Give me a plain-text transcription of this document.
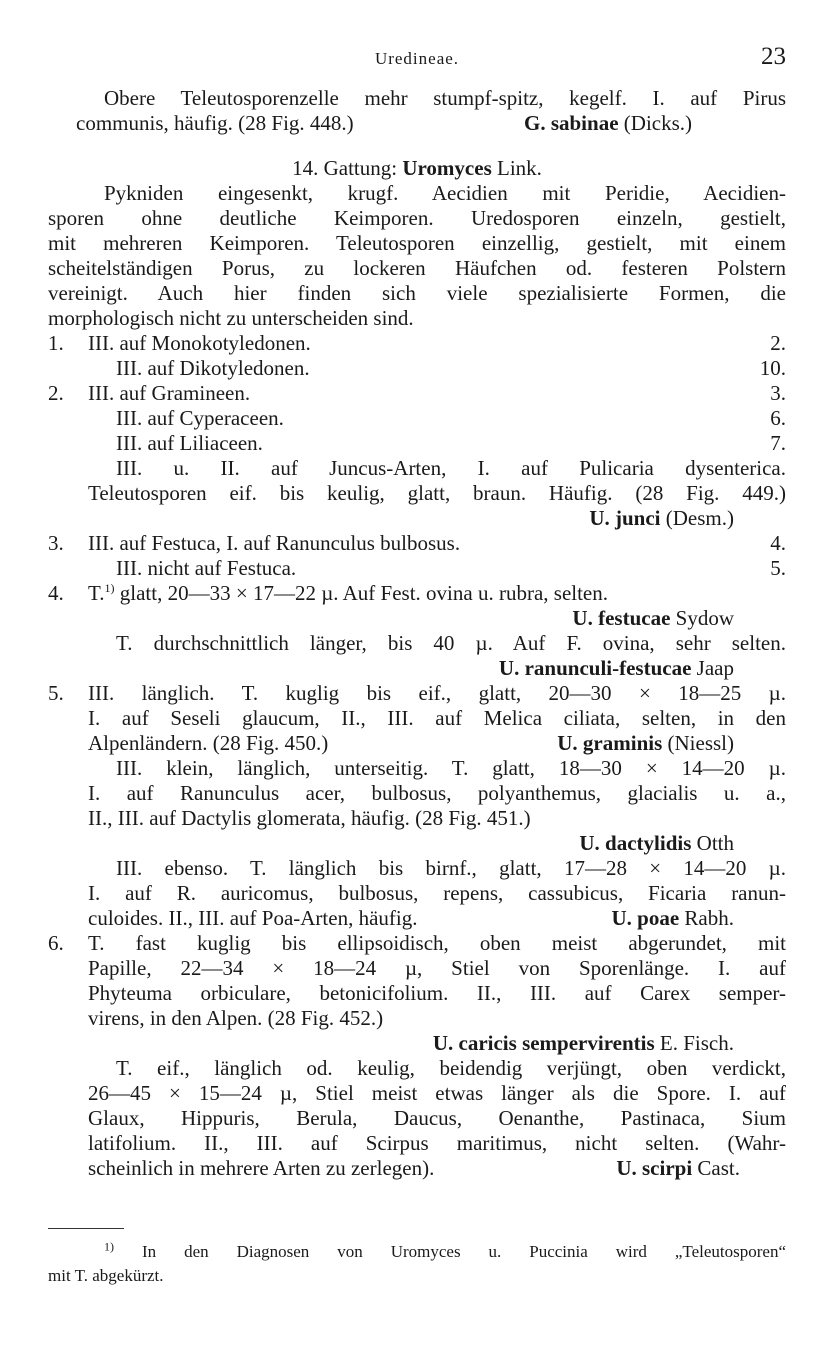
Uredineae.	23
Obere Teleutosporenzelle mehr stumpf-spitz, kegelf. I. auf Pirus
communis, häufig. (28 Fig. 448.)	G. sabinae (Dicks.)
14. Gattung: Uromyces Link.
Pykniden eingesenkt, krugf. Aecidien mit Peridie, Aecidien-
sporen ohne deutliche Keimporen. Uredosporen einzeln, gestielt,
mit mehreren Keimporen. Teleutosporen einzellig, gestielt, mit einem
scheitelständigen Porus, zu lockeren Häufchen od. festeren Polstern
vereinigt. Auch hier finden sich viele spezialisierte Formen, die
morphologisch nicht zu unterscheiden sind.
1. III. auf Monokotyledonen.	2.
III. auf Dikotyledonen.	10.
2. III. auf Gramineen.	3.
III. auf Cyperaceen.	6.
III. auf Liliaceen.	7.
III. u. II. auf Juncus-Arten, I. auf Pulicaria dysenterica.
Teleutosporen eif. bis keulig, glatt, braun. Häufig. (28 Fig. 449.)
U. junci (Desm.)
3. III. auf Festuca, I. auf Ranunculus bulbosus.	4.
III. nicht auf Festuca.	5.
4. T.$^{1)}$ glatt, 20—33 × 17—22 µ. Auf Fest. ovina u. rubra, selten.
U. festucae Sydow
T. durchschnittlich länger, bis 40 µ. Auf F. ovina, sehr selten.
U. ranunculi-festucae Jaap
5. III. länglich. T. kuglig bis eif., glatt, 20—30 × 18—25 µ.
I. auf Seseli glaucum, II., III. auf Melica ciliata, selten, in den
Alpenländern. (28 Fig. 450.)	U. graminis (Niessl)
III. klein, länglich, unterseitig. T. glatt, 18—30 × 14—20 µ.
I. auf Ranunculus acer, bulbosus, polyanthemus, glacialis u. a.,
II., III. auf Dactylis glomerata, häufig. (28 Fig. 451.)
U. dactylidis Otth
III. ebenso. T. länglich bis birnf., glatt, 17—28 × 14—20 µ.
I. auf R. auricomus, bulbosus, repens, cassubicus, Ficaria ranun-
culoides. II., III. auf Poa-Arten, häufig.	U. poae Rabh.
6. T. fast kuglig bis ellipsoidisch, oben meist abgerundet, mit
Papille, 22—34 × 18—24 µ, Stiel von Sporenlänge. I. auf
Phyteuma orbiculare, betonicifolium. II., III. auf Carex semper-
virens, in den Alpen. (28 Fig. 452.)
U. caricis sempervirentis E. Fisch.
T. eif., länglich od. keulig, beidendig verjüngt, oben verdickt,
26—45 × 15—24 µ, Stiel meist etwas länger als die Spore. I. auf
Glaux, Hippuris, Berula, Daucus, Oenanthe, Pastinaca, Sium
latifolium. II., III. auf Scirpus maritimus, nicht selten. (Wahr-
scheinlich in mehrere Arten zu zerlegen).	U. scirpi Cast.
$^{1)}$ In den Diagnosen von Uromyces u. Puccinia wird „Teleutosporen“
mit T. abgekürzt.
